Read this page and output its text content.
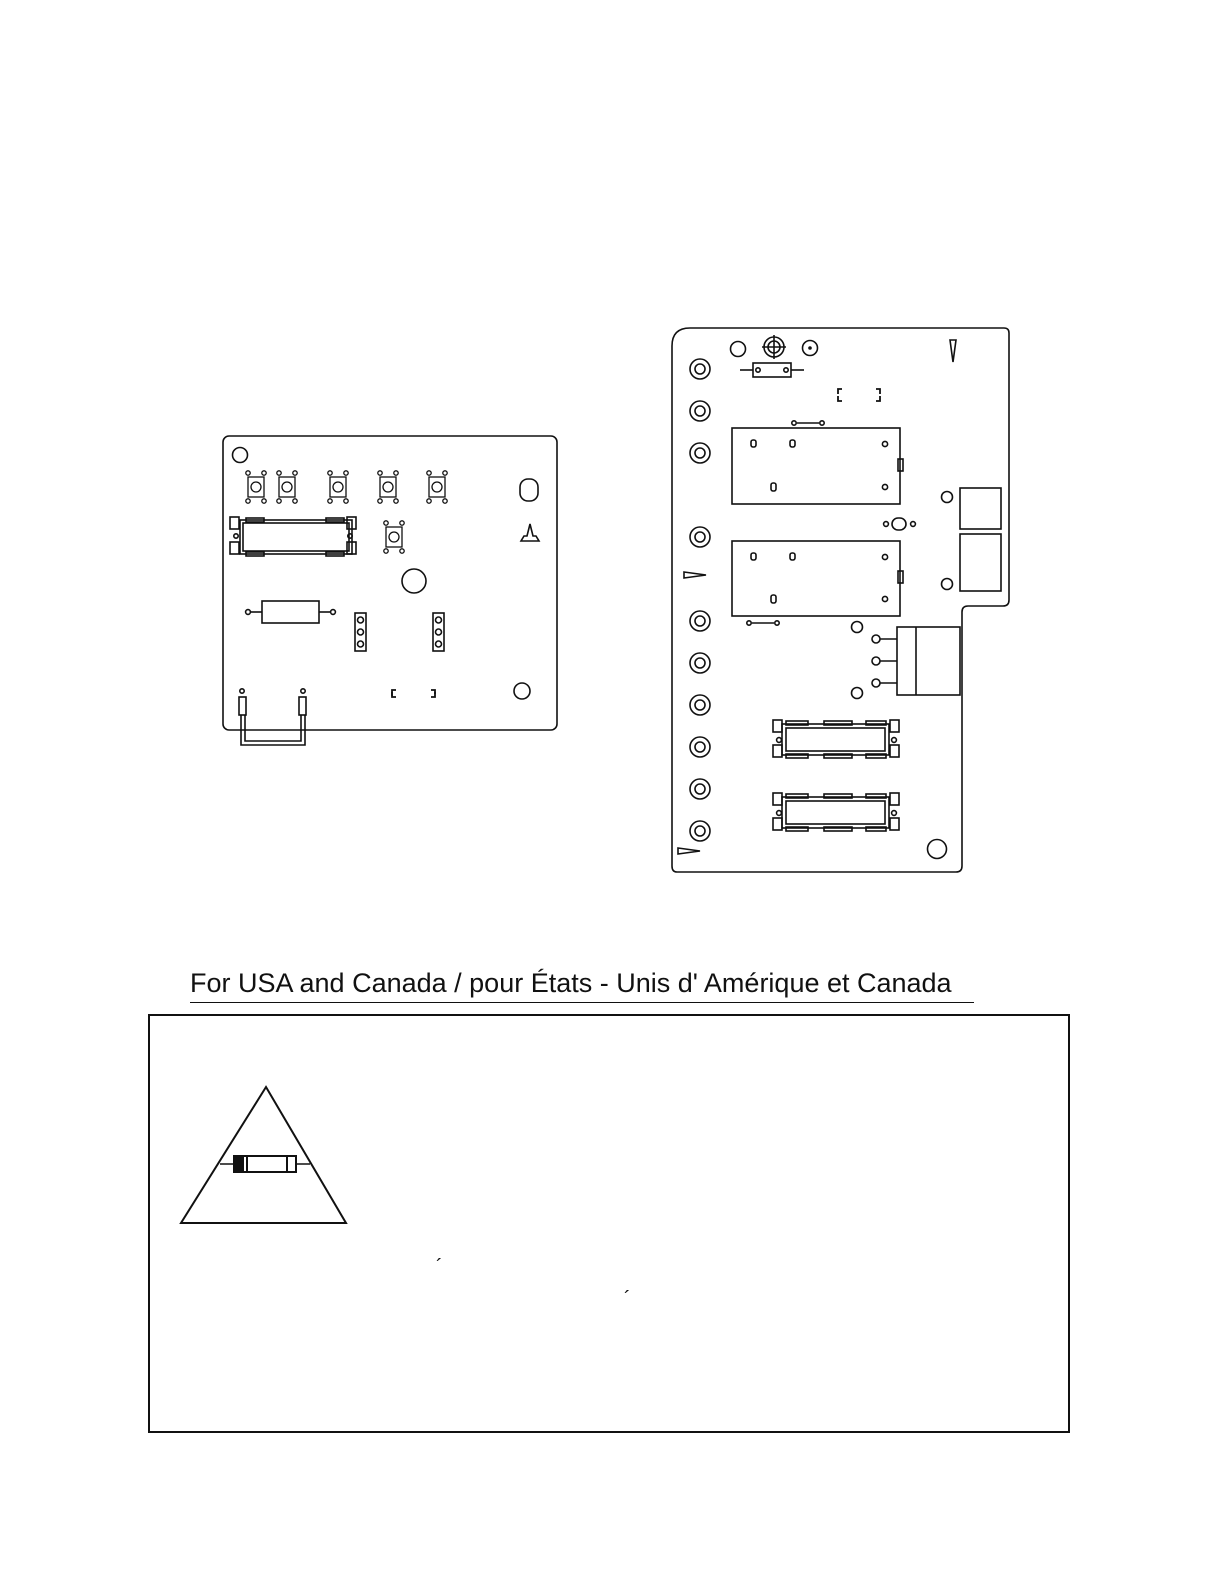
For USA and Canada / pour États - Unis d' Amérique et Canada
´
´
